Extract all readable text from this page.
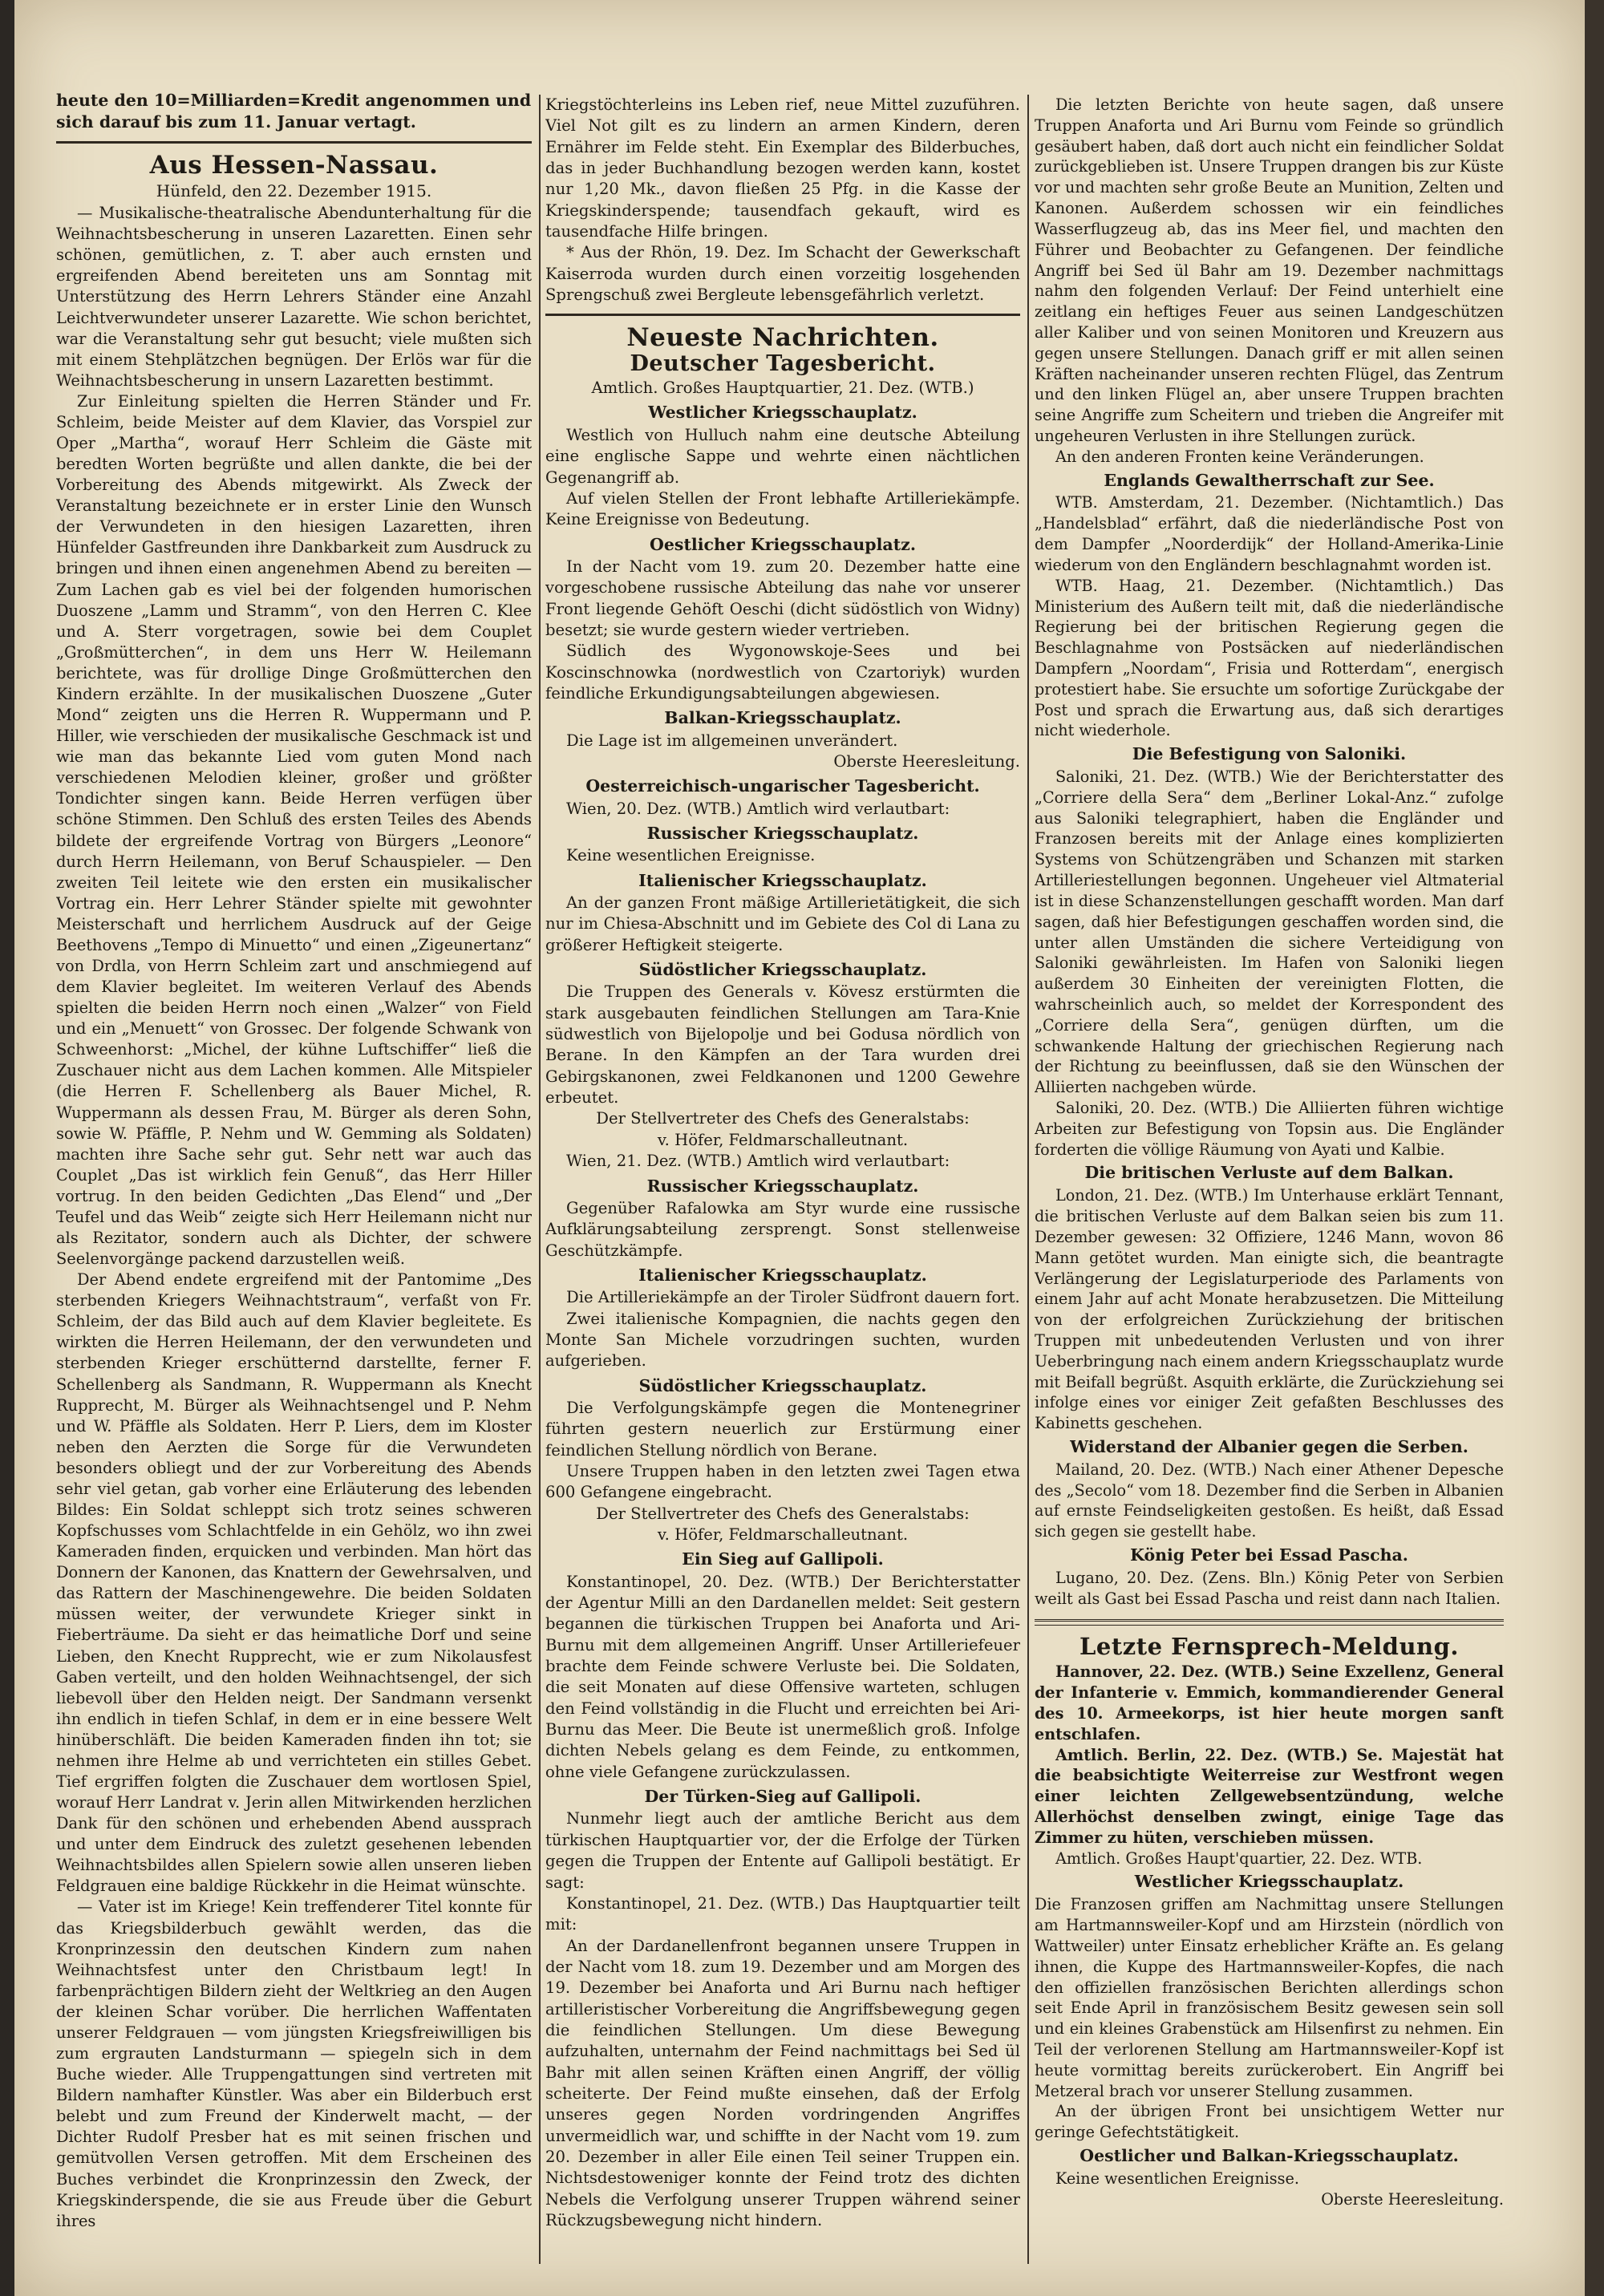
heute den 10=Milliarden=Kredit angenommen und sich darauf bis zum 11. Januar vertagt.

Aus Hessen-Nassau.

Hünfeld, den 22. Dezember 1915.

— Musikalische-theatralische Abendunterhaltung für die Weihnachtsbescherung in unseren Lazaretten. Einen sehr schönen, gemütlichen, z. T. aber auch ernsten und ergreifenden Abend bereiteten uns am Sonntag mit Unterstützung des Herrn Lehrers Ständer eine Anzahl Leichtverwundeter unserer Lazarette. Wie schon berichtet, war die Veranstaltung sehr gut besucht; viele mußten sich mit einem Stehplätzchen begnügen. Der Erlös war für die Weihnachtsbescherung in unsern Lazaretten bestimmt.

Zur Einleitung spielten die Herren Ständer und Fr. Schleim, beide Meister auf dem Klavier, das Vorspiel zur Oper „Martha“, worauf Herr Schleim die Gäste mit beredten Worten begrüßte und allen dankte, die bei der Vorbereitung des Abends mitgewirkt. Als Zweck der Veranstaltung bezeichnete er in erster Linie den Wunsch der Verwundeten in den hiesigen Lazaretten, ihren Hünfelder Gastfreunden ihre Dankbarkeit zum Ausdruck zu bringen und ihnen einen angenehmen Abend zu bereiten — Zum Lachen gab es viel bei der folgenden humorischen Duoszene „Lamm und Stramm“, von den Herren C. Klee und A. Sterr vorgetragen, sowie bei dem Couplet „Großmütterchen“, in dem uns Herr W. Heilemann berichtete, was für drollige Dinge Großmütterchen den Kindern erzählte. In der musikalischen Duoszene „Guter Mond“ zeigten uns die Herren R. Wuppermann und P. Hiller, wie verschieden der musikalische Geschmack ist und wie man das bekannte Lied vom guten Mond nach verschiedenen Melodien kleiner, großer und größter Tondichter singen kann. Beide Herren verfügen über schöne Stimmen. Den Schluß des ersten Teiles des Abends bildete der ergreifende Vortrag von Bürgers „Leonore“ durch Herrn Heilemann, von Beruf Schauspieler. — Den zweiten Teil leitete wie den ersten ein musikalischer Vortrag ein. Herr Lehrer Ständer spielte mit gewohnter Meisterschaft und herrlichem Ausdruck auf der Geige Beethovens „Tempo di Minuetto“ und einen „Zigeunertanz“ von Drdla, von Herrn Schleim zart und anschmiegend auf dem Klavier begleitet. Im weiteren Verlauf des Abends spielten die beiden Herrn noch einen „Walzer“ von Field und ein „Menuett“ von Grossec. Der folgende Schwank von Schweenhorst: „Michel, der kühne Luftschiffer“ ließ die Zuschauer nicht aus dem Lachen kommen. Alle Mitspieler (die Herren F. Schellenberg als Bauer Michel, R. Wuppermann als dessen Frau, M. Bürger als deren Sohn, sowie W. Pfäffle, P. Nehm und W. Gemming als Soldaten) machten ihre Sache sehr gut. Sehr nett war auch das Couplet „Das ist wirklich fein Genuß“, das Herr Hiller vortrug. In den beiden Gedichten „Das Elend“ und „Der Teufel und das Weib“ zeigte sich Herr Heilemann nicht nur als Rezitator, sondern auch als Dichter, der schwere Seelenvorgänge packend darzustellen weiß.

Der Abend endete ergreifend mit der Pantomime „Des sterbenden Kriegers Weihnachtstraum“, verfaßt von Fr. Schleim, der das Bild auch auf dem Klavier begleitete. Es wirkten die Herren Heilemann, der den verwundeten und sterbenden Krieger erschütternd darstellte, ferner F. Schellenberg als Sandmann, R. Wuppermann als Knecht Rupprecht, M. Bürger als Weihnachtsengel und P. Nehm und W. Pfäffle als Soldaten. Herr P. Liers, dem im Kloster neben den Aerzten die Sorge für die Verwundeten besonders obliegt und der zur Vorbereitung des Abends sehr viel getan, gab vorher eine Erläuterung des lebenden Bildes: Ein Soldat schleppt sich trotz seines schweren Kopfschusses vom Schlachtfelde in ein Gehölz, wo ihn zwei Kameraden finden, erquicken und verbinden. Man hört das Donnern der Kanonen, das Knattern der Gewehrsalven, und das Rattern der Maschinengewehre. Die beiden Soldaten müssen weiter, der verwundete Krieger sinkt in Fieberträume. Da sieht er das heimatliche Dorf und seine Lieben, den Knecht Rupprecht, wie er zum Nikolausfest Gaben verteilt, und den holden Weihnachtsengel, der sich liebevoll über den Helden neigt. Der Sandmann versenkt ihn endlich in tiefen Schlaf, in dem er in eine bessere Welt hinüberschläft. Die beiden Kameraden finden ihn tot; sie nehmen ihre Helme ab und verrichteten ein stilles Gebet. Tief ergriffen folgten die Zuschauer dem wortlosen Spiel, worauf Herr Landrat v. Jerin allen Mitwirkenden herzlichen Dank für den schönen und erhebenden Abend aussprach und unter dem Eindruck des zuletzt gesehenen lebenden Weihnachtsbildes allen Spielern sowie allen unseren lieben Feldgrauen eine baldige Rückkehr in die Heimat wünschte.

— Vater ist im Kriege! Kein treffenderer Titel konnte für das Kriegsbilderbuch gewählt werden, das die Kronprinzessin den deutschen Kindern zum nahen Weihnachtsfest unter den Christbaum legt! In farbenprächtigen Bildern zieht der Weltkrieg an den Augen der kleinen Schar vorüber. Die herrlichen Waffentaten unserer Feldgrauen — vom jüngsten Kriegsfreiwilligen bis zum ergrauten Landsturmann — spiegeln sich in dem Buche wieder. Alle Truppengattungen sind vertreten mit Bildern namhafter Künstler. Was aber ein Bilderbuch erst belebt und zum Freund der Kinderwelt macht, — der Dichter Rudolf Presber hat es mit seinen frischen und gemütvollen Versen getroffen. Mit dem Erscheinen des Buches verbindet die Kronprinzessin den Zweck, der Kriegskinderspende, die sie aus Freude über die Geburt ihres

Kriegstöchterleins ins Leben rief, neue Mittel zuzuführen. Viel Not gilt es zu lindern an armen Kindern, deren Ernährer im Felde steht. Ein Exemplar des Bilderbuches, das in jeder Buchhandlung bezogen werden kann, kostet nur 1,20 Mk., davon fließen 25 Pfg. in die Kasse der Kriegskinderspende; tausendfach gekauft, wird es tausendfache Hilfe bringen.

* Aus der Rhön, 19. Dez. Im Schacht der Gewerkschaft Kaiserroda wurden durch einen vorzeitig losgehenden Sprengschuß zwei Bergleute lebensgefährlich verletzt.

Neueste Nachrichten.
Deutscher Tagesbericht.

Amtlich. Großes Hauptquartier, 21. Dez. (WTB.)

Westlicher Kriegsschauplatz.

Westlich von Hulluch nahm eine deutsche Abteilung eine englische Sappe und wehrte einen nächtlichen Gegenangriff ab.

Auf vielen Stellen der Front lebhafte Artilleriekämpfe. Keine Ereignisse von Bedeutung.

Oestlicher Kriegsschauplatz.

In der Nacht vom 19. zum 20. Dezember hatte eine vorgeschobene russische Abteilung das nahe vor unserer Front liegende Gehöft Oeschi (dicht südöstlich von Widny) besetzt; sie wurde gestern wieder vertrieben.

Südlich des Wygonowskoje-Sees und bei Koscinschnowka (nordwestlich von Czartoriyk) wurden feindliche Erkundigungsabteilungen abgewiesen.

Balkan-Kriegsschauplatz.

Die Lage ist im allgemeinen unverändert.

Oberste Heeresleitung.

Oesterreichisch-ungarischer Tagesbericht.

Wien, 20. Dez. (WTB.) Amtlich wird verlautbart:

Russischer Kriegsschauplatz.

Keine wesentlichen Ereignisse.

Italienischer Kriegsschauplatz.

An der ganzen Front mäßige Artillerietätigkeit, die sich nur im Chiesa-Abschnitt und im Gebiete des Col di Lana zu größerer Heftigkeit steigerte.

Südöstlicher Kriegsschauplatz.

Die Truppen des Generals v. Kövesz erstürmten die stark ausgebauten feindlichen Stellungen am Tara-Knie südwestlich von Bijelopolje und bei Godusa nördlich von Berane. In den Kämpfen an der Tara wurden drei Gebirgskanonen, zwei Feldkanonen und 1200 Gewehre erbeutet.

Der Stellvertreter des Chefs des Generalstabs:

v. Höfer, Feldmarschalleutnant.

Wien, 21. Dez. (WTB.) Amtlich wird verlautbart:

Russischer Kriegsschauplatz.

Gegenüber Rafalowka am Styr wurde eine russische Aufklärungsabteilung zersprengt. Sonst stellenweise Geschützkämpfe.

Italienischer Kriegsschauplatz.

Die Artilleriekämpfe an der Tiroler Südfront dauern fort.

Zwei italienische Kompagnien, die nachts gegen den Monte San Michele vorzudringen suchten, wurden aufgerieben.

Südöstlicher Kriegsschauplatz.

Die Verfolgungskämpfe gegen die Montenegriner führten gestern neuerlich zur Erstürmung einer feindlichen Stellung nördlich von Berane.

Unsere Truppen haben in den letzten zwei Tagen etwa 600 Gefangene eingebracht.

Der Stellvertreter des Chefs des Generalstabs:

v. Höfer, Feldmarschalleutnant.

Ein Sieg auf Gallipoli.

Konstantinopel, 20. Dez. (WTB.) Der Berichterstatter der Agentur Milli an den Dardanellen meldet: Seit gestern begannen die türkischen Truppen bei Anaforta und Ari-Burnu mit dem allgemeinen Angriff. Unser Artilleriefeuer brachte dem Feinde schwere Verluste bei. Die Soldaten, die seit Monaten auf diese Offensive warteten, schlugen den Feind vollständig in die Flucht und erreichten bei Ari-Burnu das Meer. Die Beute ist unermeßlich groß. Infolge dichten Nebels gelang es dem Feinde, zu entkommen, ohne viele Gefangene zurückzulassen.

Der Türken-Sieg auf Gallipoli.

Nunmehr liegt auch der amtliche Bericht aus dem türkischen Hauptquartier vor, der die Erfolge der Türken gegen die Truppen der Entente auf Gallipoli bestätigt. Er sagt:

Konstantinopel, 21. Dez. (WTB.) Das Hauptquartier teilt mit:

An der Dardanellenfront begannen unsere Truppen in der Nacht vom 18. zum 19. Dezember und am Morgen des 19. Dezember bei Anaforta und Ari Burnu nach heftiger artilleristischer Vorbereitung die Angriffsbewegung gegen die feindlichen Stellungen. Um diese Bewegung aufzuhalten, unternahm der Feind nachmittags bei Sed ül Bahr mit allen seinen Kräften einen Angriff, der völlig scheiterte. Der Feind mußte einsehen, daß der Erfolg unseres gegen Norden vordringenden Angriffes unvermeidlich war, und schiffte in der Nacht vom 19. zum 20. Dezember in aller Eile einen Teil seiner Truppen ein. Nichtsdestoweniger konnte der Feind trotz des dichten Nebels die Verfolgung unserer Truppen während seiner Rückzugsbewegung nicht hindern.

Die letzten Berichte von heute sagen, daß unsere Truppen Anaforta und Ari Burnu vom Feinde so gründlich gesäubert haben, daß dort auch nicht ein feindlicher Soldat zurückgeblieben ist. Unsere Truppen drangen bis zur Küste vor und machten sehr große Beute an Munition, Zelten und Kanonen. Außerdem schossen wir ein feindliches Wasserflugzeug ab, das ins Meer fiel, und machten den Führer und Beobachter zu Gefangenen. Der feindliche Angriff bei Sed ül Bahr am 19. Dezember nachmittags nahm den folgenden Verlauf: Der Feind unterhielt eine zeitlang ein heftiges Feuer aus seinen Landgeschützen aller Kaliber und von seinen Monitoren und Kreuzern aus gegen unsere Stellungen. Danach griff er mit allen seinen Kräften nacheinander unseren rechten Flügel, das Zentrum und den linken Flügel an, aber unsere Truppen brachten seine Angriffe zum Scheitern und trieben die Angreifer mit ungeheuren Verlusten in ihre Stellungen zurück.

An den anderen Fronten keine Veränderungen.

Englands Gewaltherrschaft zur See.

WTB. Amsterdam, 21. Dezember. (Nichtamtlich.) Das „Handelsblad“ erfährt, daß die niederländische Post von dem Dampfer „Noorderdijk“ der Holland-Amerika-Linie wiederum von den Engländern beschlagnahmt worden ist.

WTB. Haag, 21. Dezember. (Nichtamtlich.) Das Ministerium des Außern teilt mit, daß die niederländische Regierung bei der britischen Regierung gegen die Beschlagnahme von Postsäcken auf niederländischen Dampfern „Noordam“, Frisia und Rotterdam“, energisch protestiert habe. Sie ersuchte um sofortige Zurückgabe der Post und sprach die Erwartung aus, daß sich derartiges nicht wiederhole.

Die Befestigung von Saloniki.

Saloniki, 21. Dez. (WTB.) Wie der Berichterstatter des „Corriere della Sera“ dem „Berliner Lokal-Anz.“ zufolge aus Saloniki telegraphiert, haben die Engländer und Franzosen bereits mit der Anlage eines komplizierten Systems von Schützengräben und Schanzen mit starken Artilleriestellungen begonnen. Ungeheuer viel Altmaterial ist in diese Schanzenstellungen geschafft worden. Man darf sagen, daß hier Befestigungen geschaffen worden sind, die unter allen Umständen die sichere Verteidigung von Saloniki gewährleisten. Im Hafen von Saloniki liegen außerdem 30 Einheiten der vereinigten Flotten, die wahrscheinlich auch, so meldet der Korrespondent des „Corriere della Sera“, genügen dürften, um die schwankende Haltung der griechischen Regierung nach der Richtung zu beeinflussen, daß sie den Wünschen der Alliierten nachgeben würde.

Saloniki, 20. Dez. (WTB.) Die Alliierten führen wichtige Arbeiten zur Befestigung von Topsin aus. Die Engländer forderten die völlige Räumung von Ayati und Kalbie.

Die britischen Verluste auf dem Balkan.

London, 21. Dez. (WTB.) Im Unterhause erklärt Tennant, die britischen Verluste auf dem Balkan seien bis zum 11. Dezember gewesen: 32 Offiziere, 1246 Mann, wovon 86 Mann getötet wurden. Man einigte sich, die beantragte Verlängerung der Legislaturperiode des Parlaments von einem Jahr auf acht Monate herabzusetzen. Die Mitteilung von der erfolgreichen Zurückziehung der britischen Truppen mit unbedeutenden Verlusten und von ihrer Ueberbringung nach einem andern Kriegsschauplatz wurde mit Beifall begrüßt. Asquith erklärte, die Zurückziehung sei infolge eines vor einiger Zeit gefaßten Beschlusses des Kabinetts geschehen.

Widerstand der Albanier gegen die Serben.

Mailand, 20. Dez. (WTB.) Nach einer Athener Depesche des „Secolo“ vom 18. Dezember find die Serben in Albanien auf ernste Feindseligkeiten gestoßen. Es heißt, daß Essad sich gegen sie gestellt habe.

König Peter bei Essad Pascha.

Lugano, 20. Dez. (Zens. Bln.) König Peter von Serbien weilt als Gast bei Essad Pascha und reist dann nach Italien.

Letzte Fernsprech-Meldung.

Hannover, 22. Dez. (WTB.) Seine Exzellenz, General der Infanterie v. Emmich, kommandierender General des 10. Armeekorps, ist hier heute morgen sanft entschlafen.

Amtlich. Berlin, 22. Dez. (WTB.) Se. Majestät hat die beabsichtigte Weiterreise zur Westfront wegen einer leichten Zellgewebsentzündung, welche Allerhöchst denselben zwingt, einige Tage das Zimmer zu hüten, verschieben müssen.

Amtlich. Großes Haupt'quartier, 22. Dez. WTB.

Westlicher Kriegsschauplatz.

Die Franzosen griffen am Nachmittag unsere Stellungen am Hartmannsweiler-Kopf und am Hirzstein (nördlich von Wattweiler) unter Einsatz erheblicher Kräfte an. Es gelang ihnen, die Kuppe des Hartmannsweiler-Kopfes, die nach den offiziellen französischen Berichten allerdings schon seit Ende April in französischem Besitz gewesen sein soll und ein kleines Grabenstück am Hilsenfirst zu nehmen. Ein Teil der verlorenen Stellung am Hartmannsweiler-Kopf ist heute vormittag bereits zurückerobert. Ein Angriff bei Metzeral brach vor unserer Stellung zusammen.

An der übrigen Front bei unsichtigem Wetter nur geringe Gefechtstätigkeit.

Oestlicher und Balkan-Kriegsschauplatz.

Keine wesentlichen Ereignisse.

Oberste Heeresleitung.
